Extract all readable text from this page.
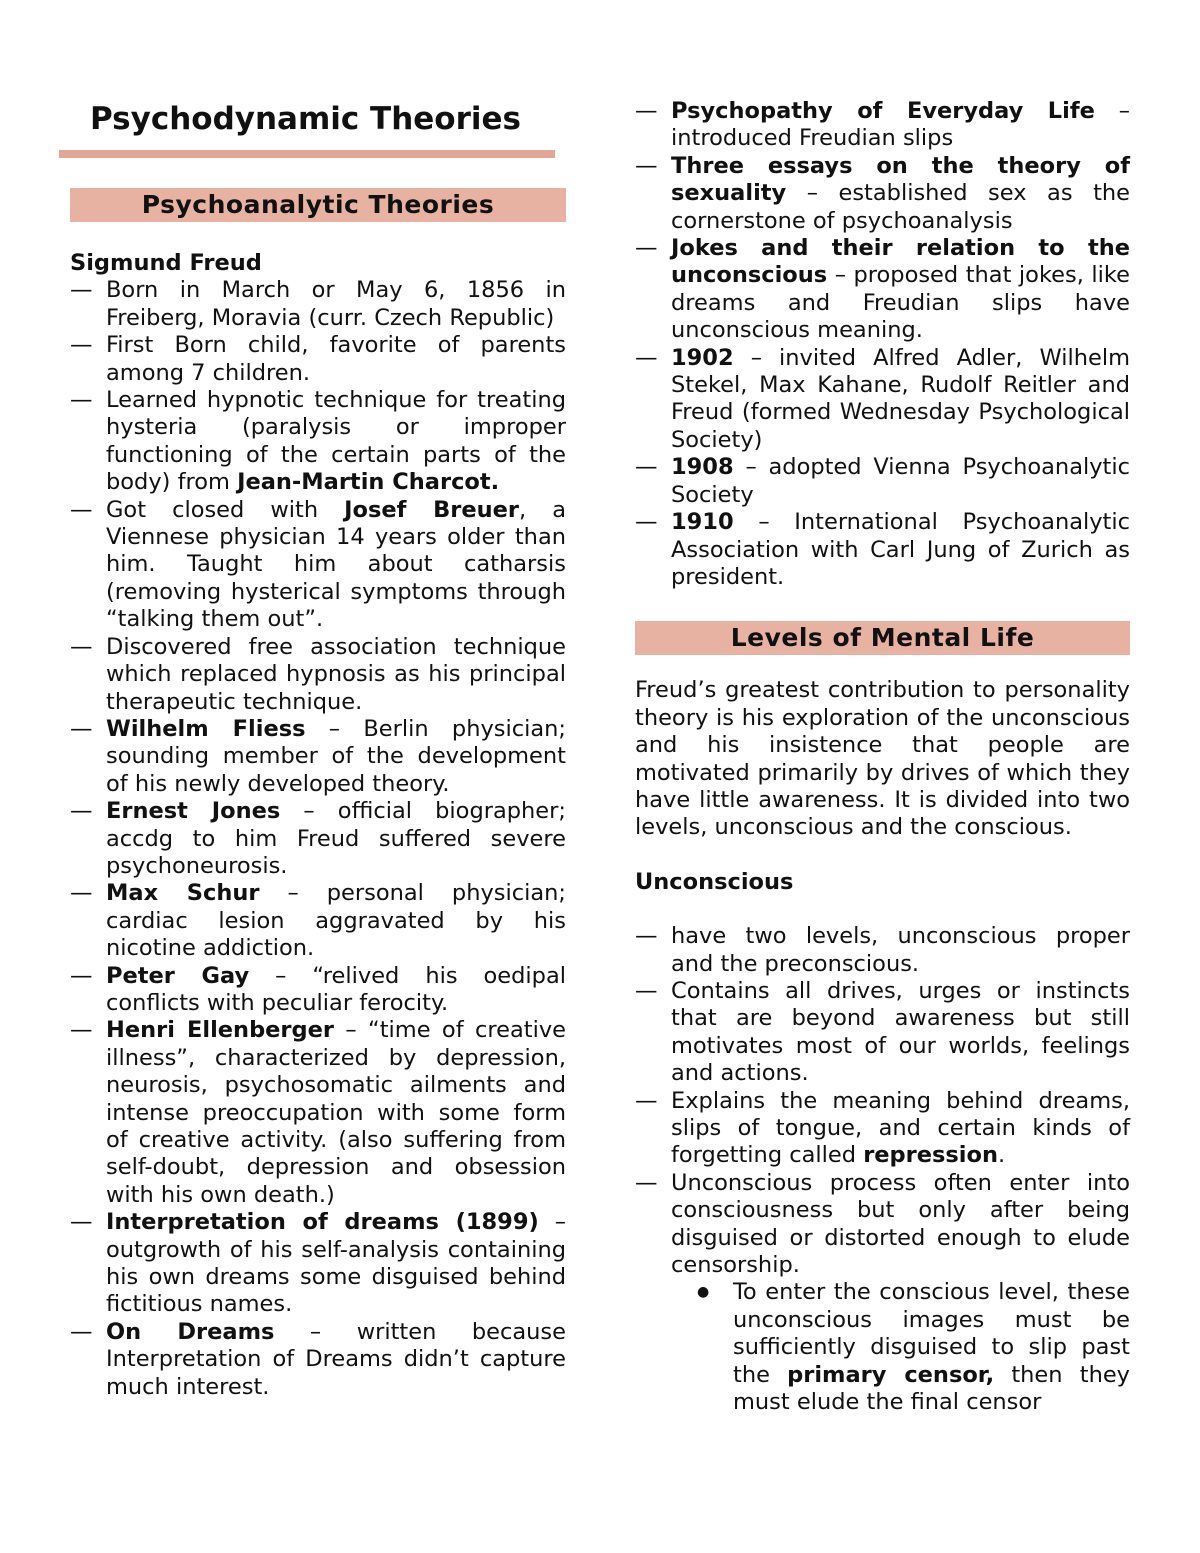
Psychodynamic Theories
Psychoanalytic Theories
Sigmund Freud
— Born in March or May 6, 1856 in Freiberg, Moravia (curr. Czech Republic)
— First Born child, favorite of parents among 7 children.
— Learned hypnotic technique for treating hysteria (paralysis or improper functioning of the certain parts of the body) from Jean-Martin Charcot.
— Got closed with Josef Breuer, a Viennese physician 14 years older than him. Taught him about catharsis (removing hysterical symptoms through “talking them out”.
— Discovered free association technique which replaced hypnosis as his principal therapeutic technique.
— Wilhelm Fliess – Berlin physician; sounding member of the development of his newly developed theory.
— Ernest Jones – official biographer; accdg to him Freud suffered severe psychoneurosis.
— Max Schur – personal physician; cardiac lesion aggravated by his nicotine addiction.
— Peter Gay – “relived his oedipal conflicts with peculiar ferocity.
— Henri Ellenberger – “time of creative illness”, characterized by depression, neurosis, psychosomatic ailments and intense preoccupation with some form of creative activity. (also suffering from self-doubt, depression and obsession with his own death.)
— Interpretation of dreams (1899) – outgrowth of his self-analysis containing his own dreams some disguised behind fictitious names.
— On Dreams – written because Interpretation of Dreams didn’t capture much interest.
— Psychopathy of Everyday Life – introduced Freudian slips
— Three essays on the theory of sexuality – established sex as the cornerstone of psychoanalysis
— Jokes and their relation to the unconscious – proposed that jokes, like dreams and Freudian slips have unconscious meaning.
— 1902 – invited Alfred Adler, Wilhelm Stekel, Max Kahane, Rudolf Reitler and Freud (formed Wednesday Psychological Society)
— 1908 – adopted Vienna Psychoanalytic Society
— 1910 – International Psychoanalytic Association with Carl Jung of Zurich as president.
Levels of Mental Life

Freud’s greatest contribution to personality theory is his exploration of the unconscious and his insistence that people are motivated primarily by drives of which they have little awareness. It is divided into two levels, unconscious and the conscious.

Unconscious
— have two levels, unconscious proper and the preconscious.
— Contains all drives, urges or instincts that are beyond awareness but still motivates most of our worlds, feelings and actions.
— Explains the meaning behind dreams, slips of tongue, and certain kinds of forgetting called repression.
— Unconscious process often enter into consciousness but only after being disguised or distorted enough to elude censorship.
● To enter the conscious level, these unconscious images must be sufficiently disguised to slip past the primary censor, then they must elude the final censor
